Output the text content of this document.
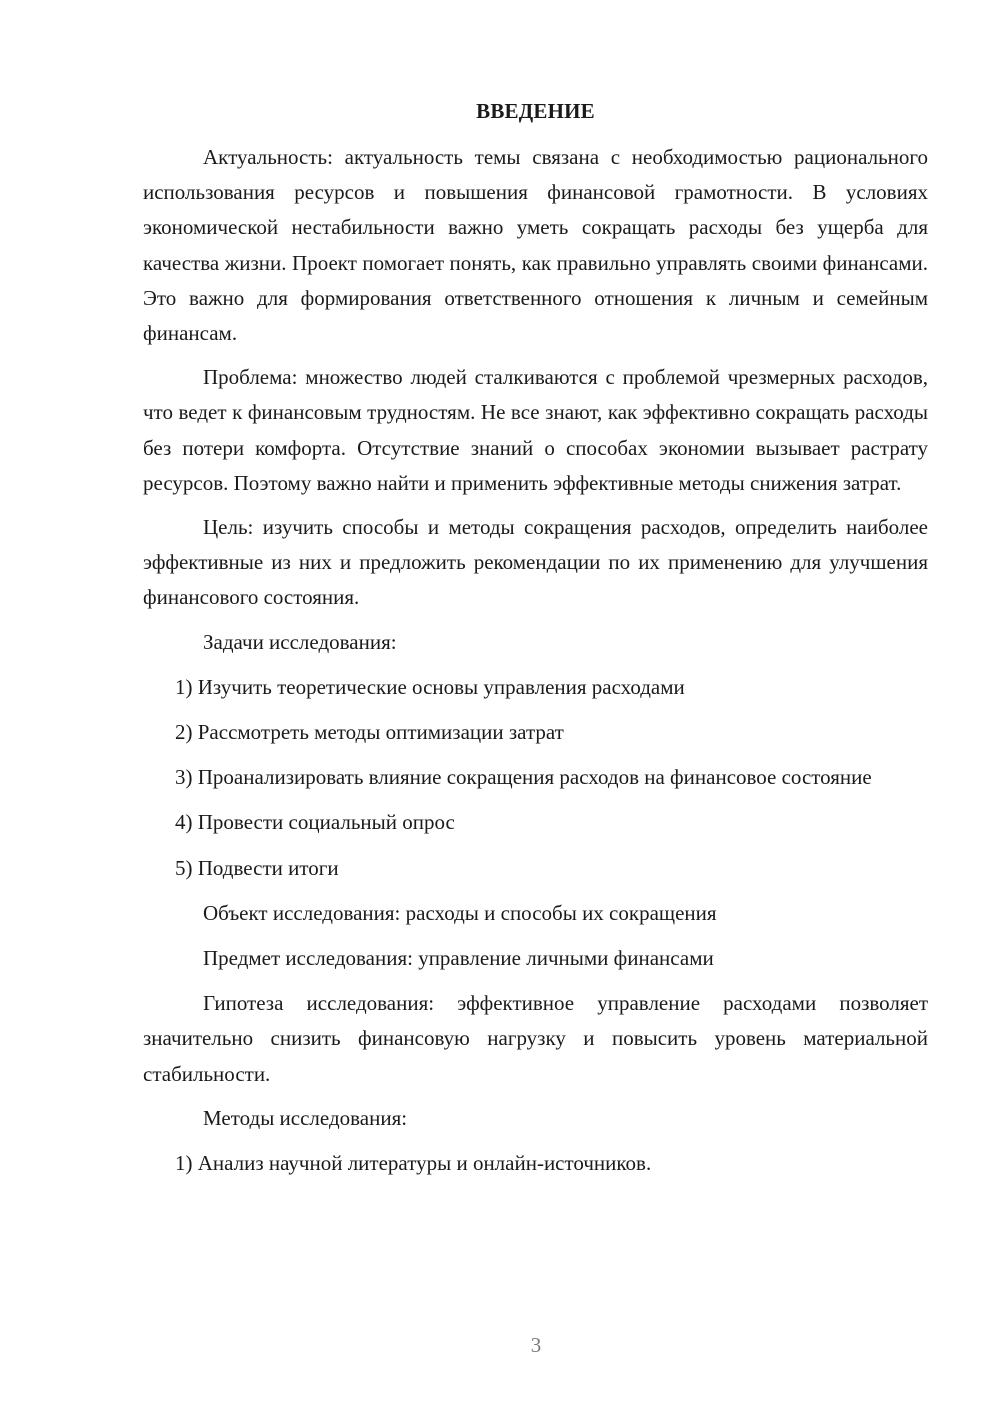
ВВЕДЕНИЕ

Актуальность: актуальность темы связана с необходимостью рационального использования ресурсов и повышения финансовой грамотности. В условиях экономической нестабильности важно уметь сокращать расходы без ущерба для качества жизни. Проект помогает понять, как правильно управлять своими финансами. Это важно для формирования ответственного отношения к личным и семейным финансам.

Проблема: множество людей сталкиваются с проблемой чрезмерных расходов, что ведет к финансовым трудностям. Не все знают, как эффективно сокращать расходы без потери комфорта. Отсутствие знаний о способах экономии вызывает растрату ресурсов. Поэтому важно найти и применить эффективные методы снижения затрат.

Цель: изучить способы и методы сокращения расходов, определить наиболее эффективные из них и предложить рекомендации по их применению для улучшения финансового состояния.

Задачи исследования:

1) Изучить теоретические основы управления расходами

2) Рассмотреть методы оптимизации затрат

3) Проанализировать влияние сокращения расходов на финансовое состояние

4) Провести социальный опрос

5) Подвести итоги

Объект исследования: расходы и способы их сокращения

Предмет исследования: управление личными финансами

Гипотеза исследования: эффективное управление расходами позволяет значительно снизить финансовую нагрузку и повысить уровень материальной стабильности.

Методы исследования:

1) Анализ научной литературы и онлайн-источников.

3
